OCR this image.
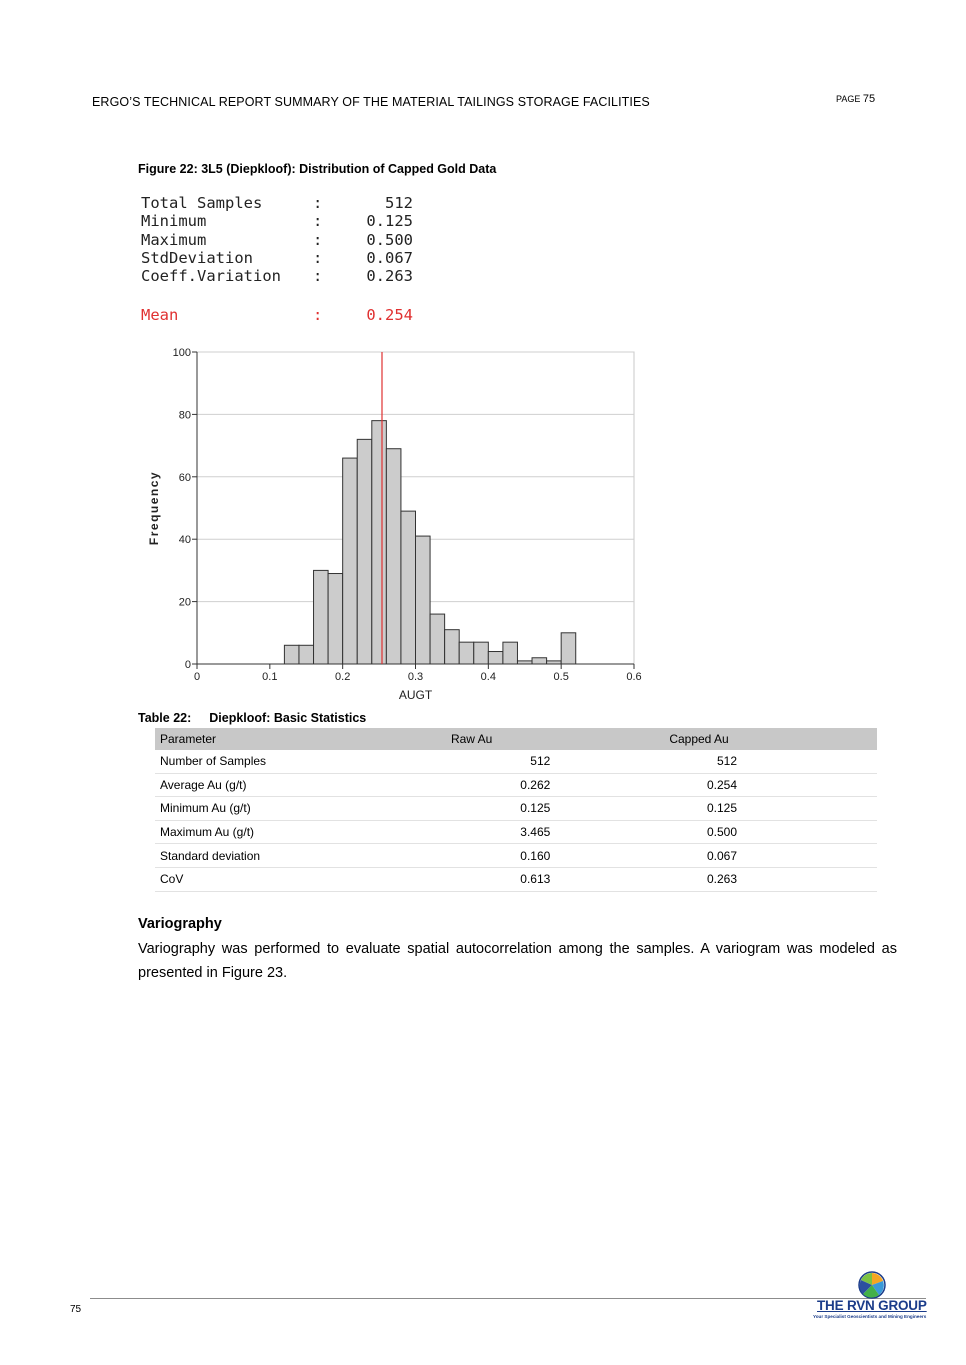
ERGO’S TECHNICAL REPORT SUMMARY OF THE MATERIAL TAILINGS STORAGE FACILITIES	PAGE 75
Figure 22: 3L5 (Diepkloof): Distribution of Capped Gold Data
Total Samples	:	512
Minimum	:	0.125
Maximum	:	0.500
StdDeviation	:	0.067
Coeff.Variation :	0.263
Mean	:	0.254
0
20
40
60
80
100
0	0.1	0.2	0.3	0.4	0.5	0.6
AUGT
Frequency
Table 22: Diepkloof: Basic Statistics
Parameter	Raw Au	Capped Au
Number of Samples	512	512
Average Au (g/t)	0.262	0.254
Minimum Au (g/t)	0.125	0.125
Maximum Au (g/t)	3.465	0.500
Standard deviation	0.160	0.067
CoV	0.613	0.263
Variography
Variography was performed to evaluate spatial autocorrelation among the samples. A variogram was modeled as presented in Figure 23.
75	THE RVN GROUP
Your Specialist Geoscientists and Mining Engineers
